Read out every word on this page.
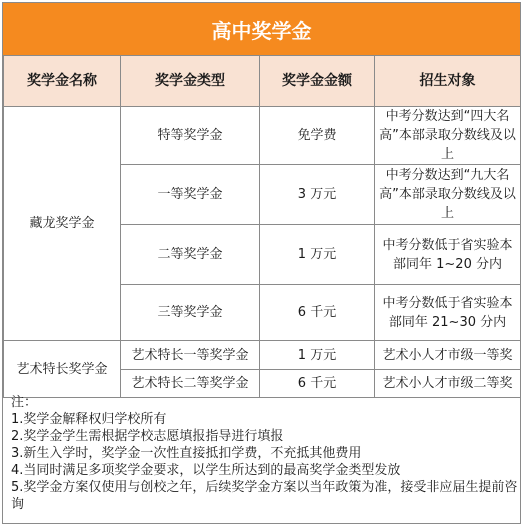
高中奖学金
奖学金名称	奖学金类型	奖学金金额	招生对象
藏龙奖学金	特等奖学金	免学费	中考分数达到“四大名高”本部录取分数线及以上
	一等奖学金	3 万元	中考分数达到“九大名高”本部录取分数线及以上
	二等奖学金	1 万元	中考分数低于省实验本部同年 1~20 分内
	三等奖学金	6 千元	中考分数低于省实验本部同年 21~30 分内
艺术特长奖学金	艺术特长一等奖学金	1 万元	艺术小人才市级一等奖
	艺术特长二等奖学金	6 千元	艺术小人才市级二等奖
注：
1.奖学金解释权归学校所有
2.奖学金学生需根据学校志愿填报指导进行填报
3.新生入学时，奖学金一次性直接抵扣学费，不充抵其他费用
4.当同时满足多项奖学金要求，以学生所达到的最高奖学金类型发放
5.奖学金方案仅使用与创校之年，后续奖学金方案以当年政策为准，接受非应届生提前咨询
